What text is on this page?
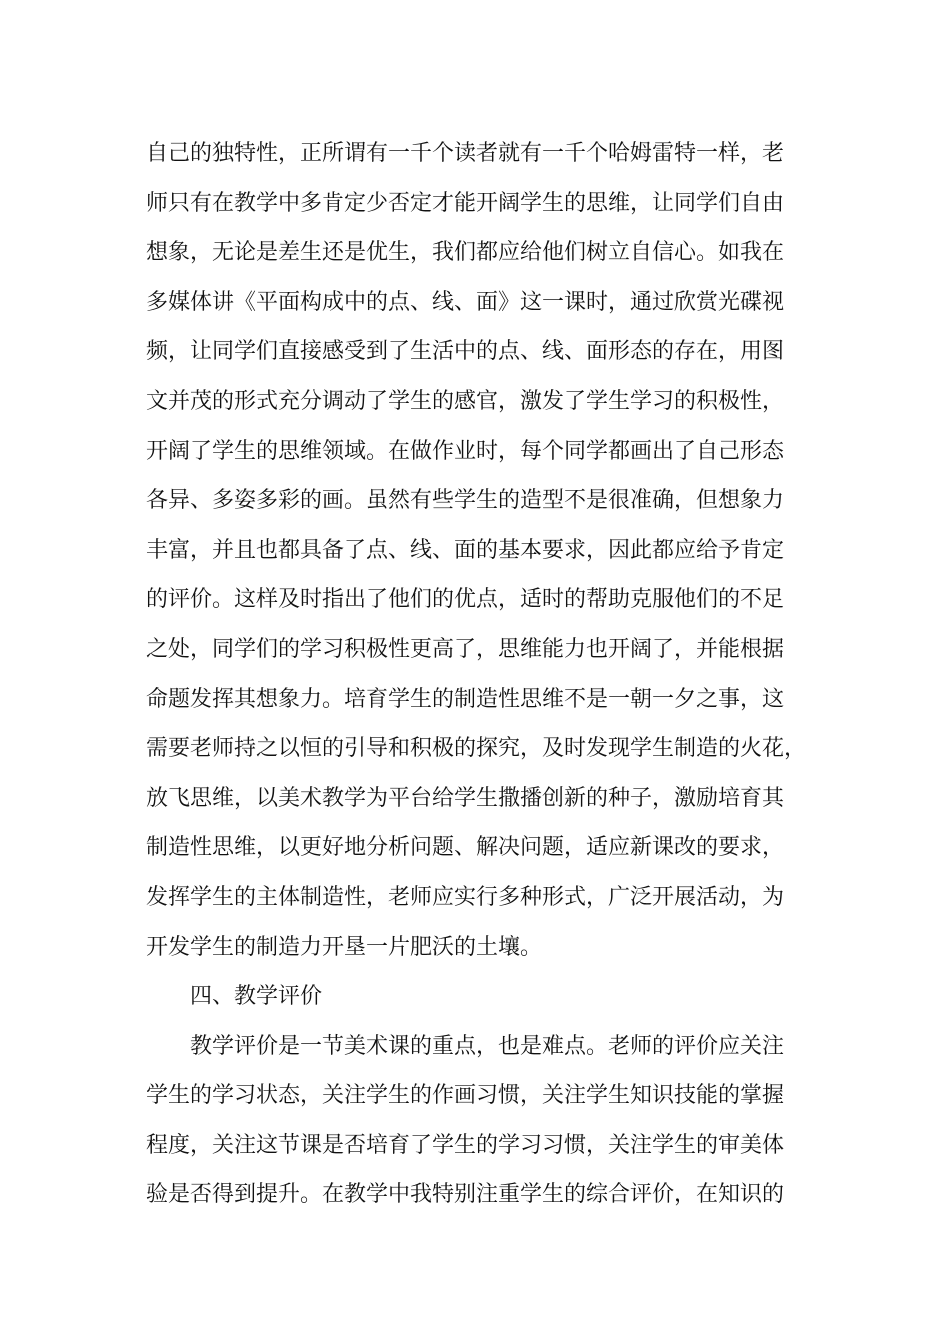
自己的独特性，正所谓有一千个读者就有一千个哈姆雷特一样，老
师只有在教学中多肯定少否定才能开阔学生的思维，让同学们自由
想象，无论是差生还是优生，我们都应给他们树立自信心。如我在
多媒体讲《平面构成中的点、线、面》这一课时，通过欣赏光碟视
频，让同学们直接感受到了生活中的点、线、面形态的存在，用图
文并茂的形式充分调动了学生的感官，激发了学生学习的积极性，
开阔了学生的思维领域。在做作业时，每个同学都画出了自己形态
各异、多姿多彩的画。虽然有些学生的造型不是很准确，但想象力
丰富，并且也都具备了点、线、面的基本要求，因此都应给予肯定
的评价。这样及时指出了他们的优点，适时的帮助克服他们的不足
之处，同学们的学习积极性更高了，思维能力也开阔了，并能根据
命题发挥其想象力。培育学生的制造性思维不是一朝一夕之事，这
需要老师持之以恒的引导和积极的探究，及时发现学生制造的火花，
放飞思维，以美术教学为平台给学生撒播创新的种子，激励培育其
制造性思维，以更好地分析问题、解决问题，适应新课改的要求，
发挥学生的主体制造性，老师应实行多种形式，广泛开展活动，为
开发学生的制造力开垦一片肥沃的土壤。
四、教学评价
教学评价是一节美术课的重点，也是难点。老师的评价应关注
学生的学习状态，关注学生的作画习惯，关注学生知识技能的掌握
程度，关注这节课是否培育了学生的学习习惯，关注学生的审美体
验是否得到提升。在教学中我特别注重学生的综合评价，在知识的
